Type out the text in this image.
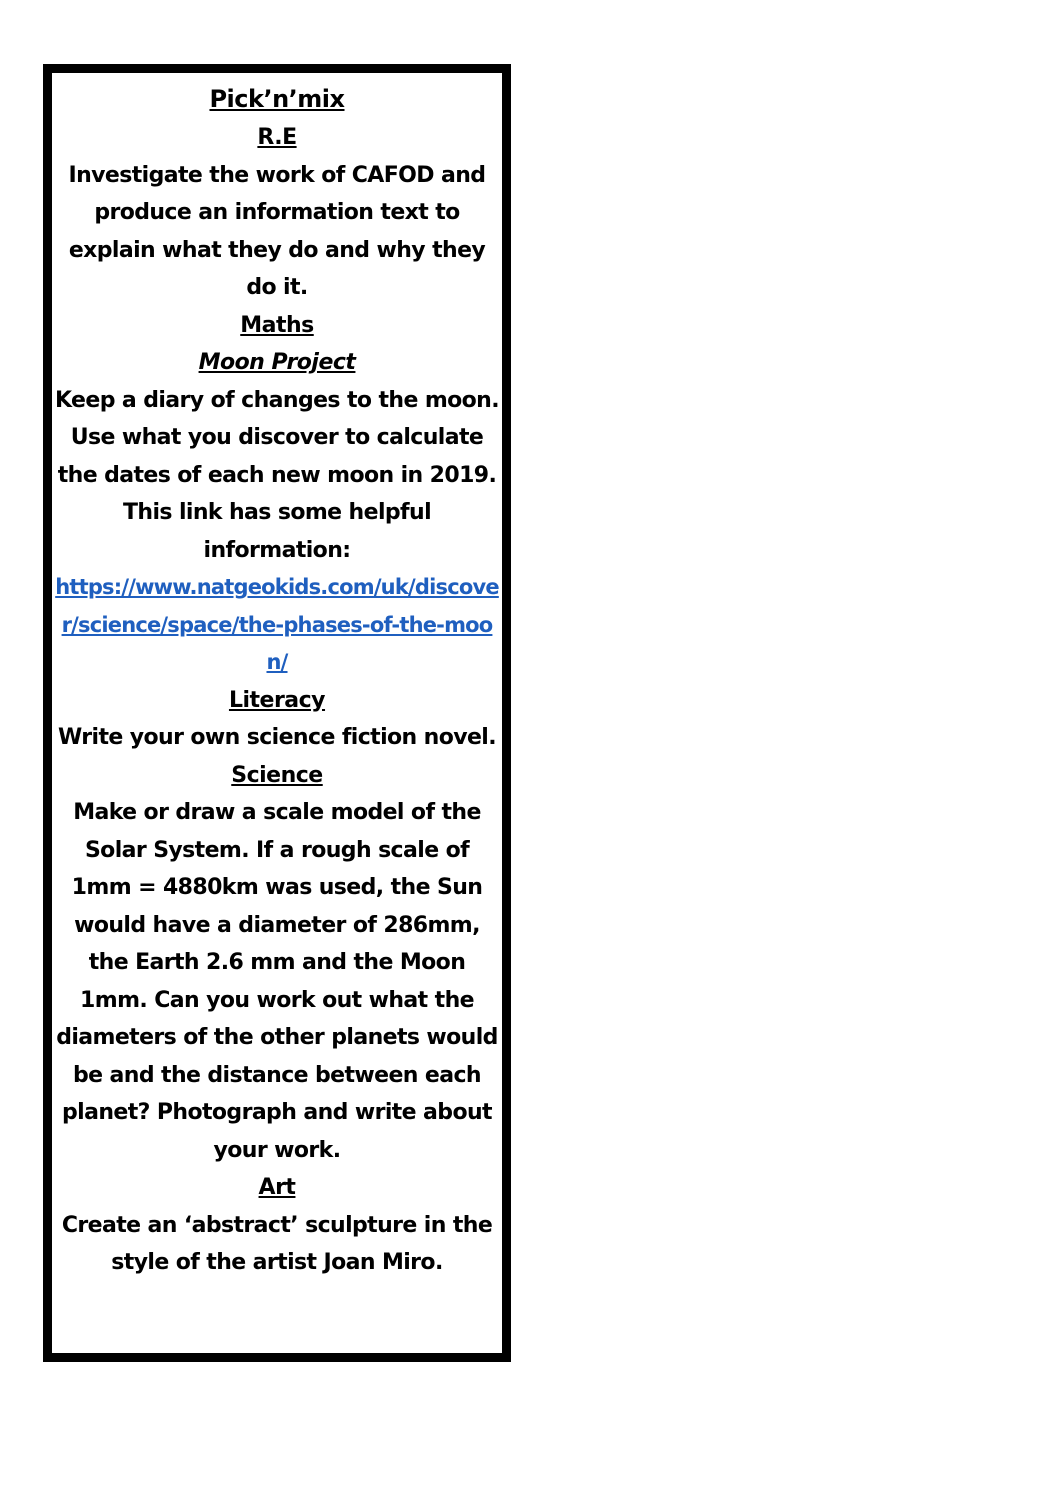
Pick’n’mix
R.E
Investigate the work of CAFOD and produce an information text to explain what they do and why they do it.
Maths
Moon Project
Keep a diary of changes to the moon. Use what you discover to calculate the dates of each new moon in 2019. This link has some helpful information:
https://www.natgeokids.com/uk/discover/science/space/the-phases-of-the-moon/
Literacy
Write your own science fiction novel.
Science
Make or draw a scale model of the Solar System. If a rough scale of 1mm = 4880km was used, the Sun would have a diameter of 286mm, the Earth 2.6 mm and the Moon 1mm. Can you work out what the diameters of the other planets would be and the distance between each planet? Photograph and write about your work.
Art
Create an ‘abstract’ sculpture in the style of the artist Joan Miro.
